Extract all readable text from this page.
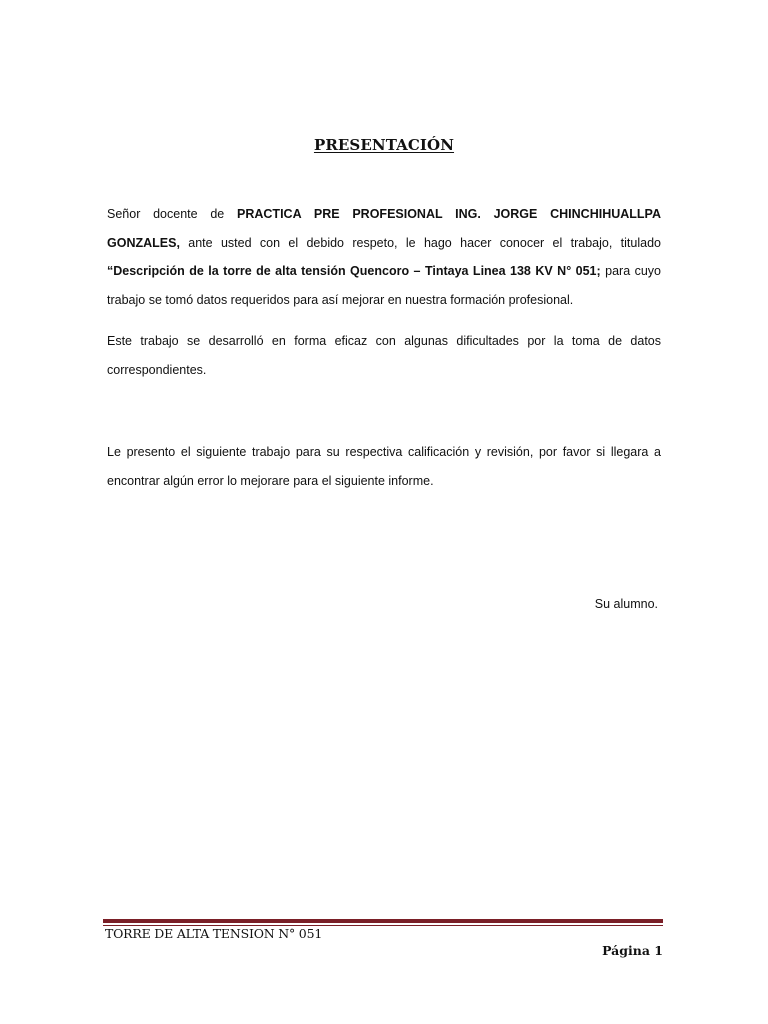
PRESENTACIÓN

Señor docente de PRACTICA PRE PROFESIONAL ING. JORGE CHINCHIHUALLPA GONZALES, ante usted con el debido respeto, le hago hacer conocer el trabajo, titulado “Descripción de la torre de alta tensión Quencoro – Tintaya Linea 138 KV N° 051; para cuyo trabajo se tomó datos requeridos para así mejorar en nuestra formación profesional.

Este trabajo se desarrolló en forma eficaz con algunas dificultades por la toma de datos correspondientes.

Le presento el siguiente trabajo para su respectiva calificación y revisión, por favor si llegara a encontrar algún error lo mejorare para el siguiente informe.

Su alumno.

TORRE DE ALTA TENSION N° 051
Página 1
